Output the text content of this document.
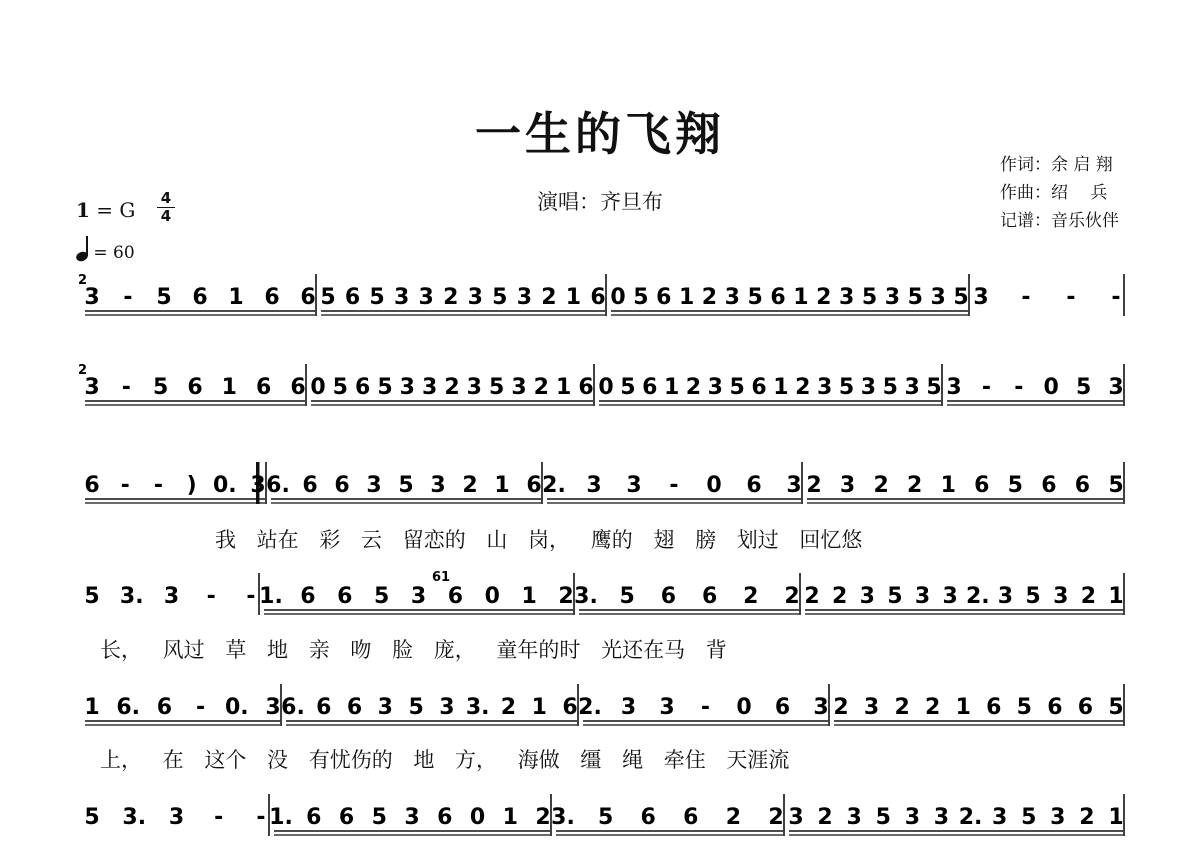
一生的飞翔
演唱：齐旦布
作词：余 启 翔
作曲：绍 　兵
记谱：音乐伙伴
1 = G	4
4
= 60
2
3 - 5 6 1 6 6 5 6 5 3 3 2 3 5 3 2 1 6 0 5 6 1 2 3 5 6 1 2 3 5 3 5 3 5 3 - - -
2
3 - 5 6 1 6 6 0 5 6 5 3 3 2 3 5 3 2 1 6 0 5 6 1 2 3 5 6 1 2 3 5 3 5 3 5 3 - - 0 5 3
6 - - ) 0. 3 6. 6 6 3 5 3 2 1 6 2. 3 3 - 0 6 3 2 3 2 2 1 6 5 6 6 5
61
5 3. 3 - - 1. 6 6 5 3 6 0 1 2 3. 5 6 6 2 2 2 2 3 5 3 3 2. 3 5 3 2 1
1 6. 6 - 0. 3 6. 6 6 3 5 3 3. 2 1 6 2. 3 3 - 0 6 3 2 3 2 2 1 6 5 6 6 5
5 3. 3 - - 1. 6 6 5 3 6 0 1 2 3. 5 6 6 2 2 3 2 3 5 3 3 2. 3 5 3 2 1
我 站在 彩 云 留恋的 山 岗， 鹰的 翅 膀 划过 回忆悠
长， 风过 草 地 亲 吻 脸 庞， 童年的时 光还在马 背
上， 在 这个 没 有忧伤的 地 方， 海做 缰 绳 牵住 天涯流
